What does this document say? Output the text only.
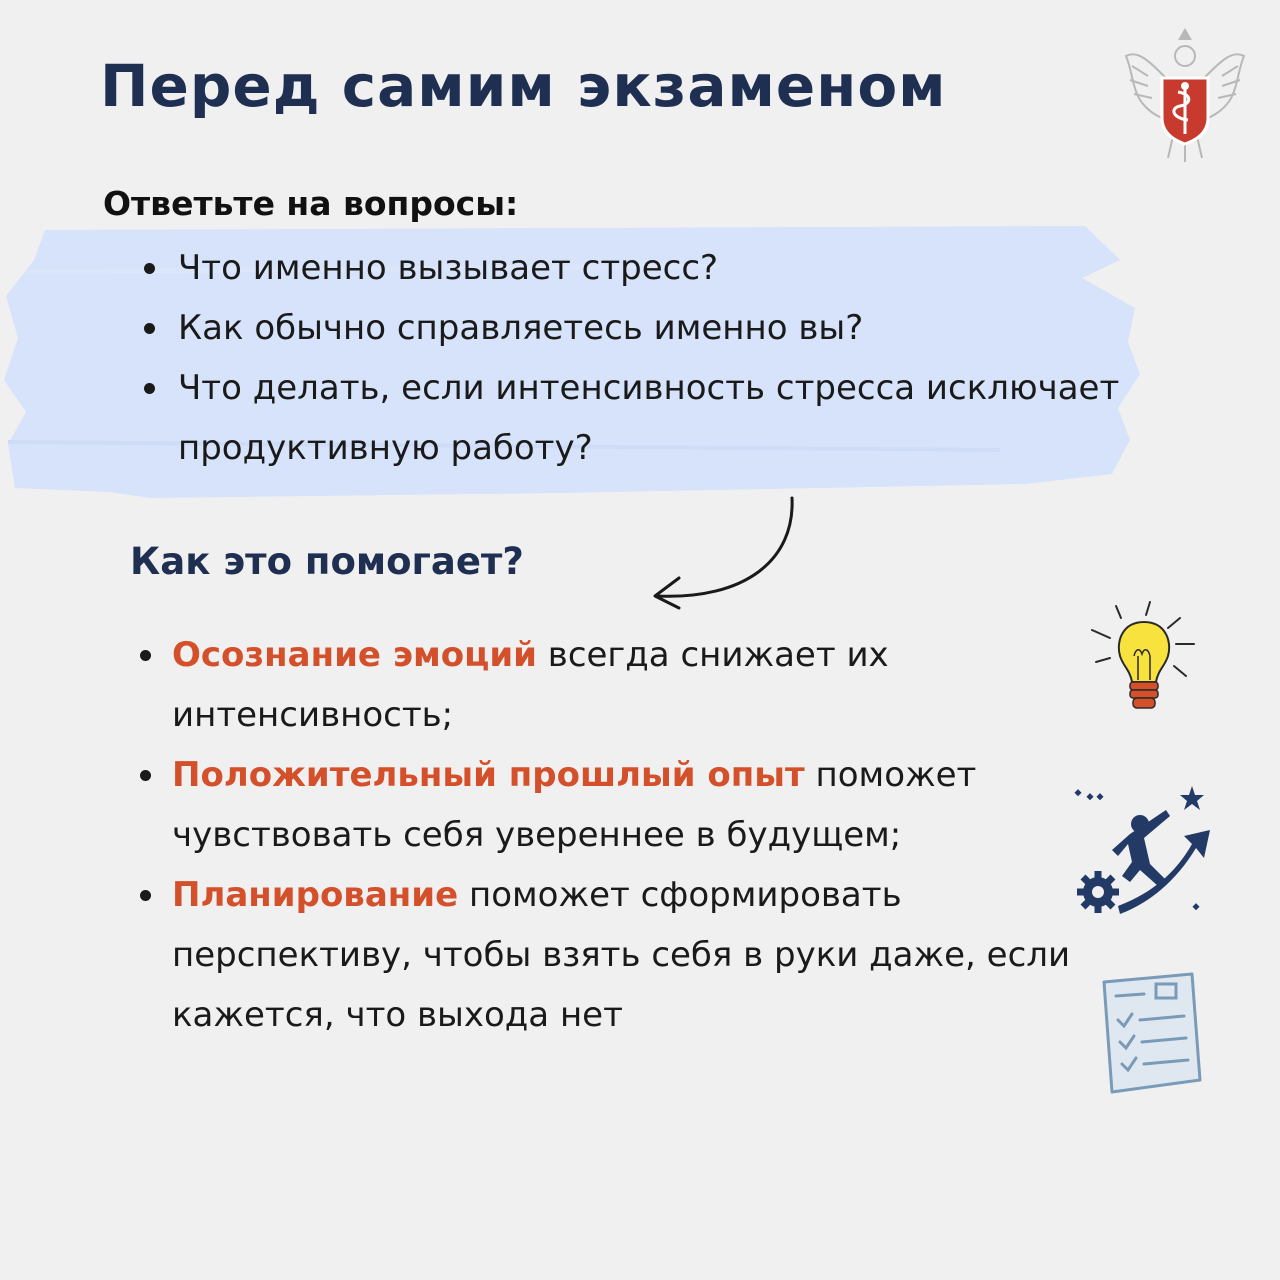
Перед самим экзаменом
Ответьте на вопросы:
Что именно вызывает стресс?
Как обычно справляетесь именно вы?
Что делать, если интенсивность стресса исключает продуктивную работу?
Как это помогает?
Осознание эмоций всегда снижает их интенсивность;
Положительный прошлый опыт поможет чувствовать себя увереннее в будущем;
Планирование поможет сформировать перспективу, чтобы взять себя в руки даже, если кажется, что выхода нет
